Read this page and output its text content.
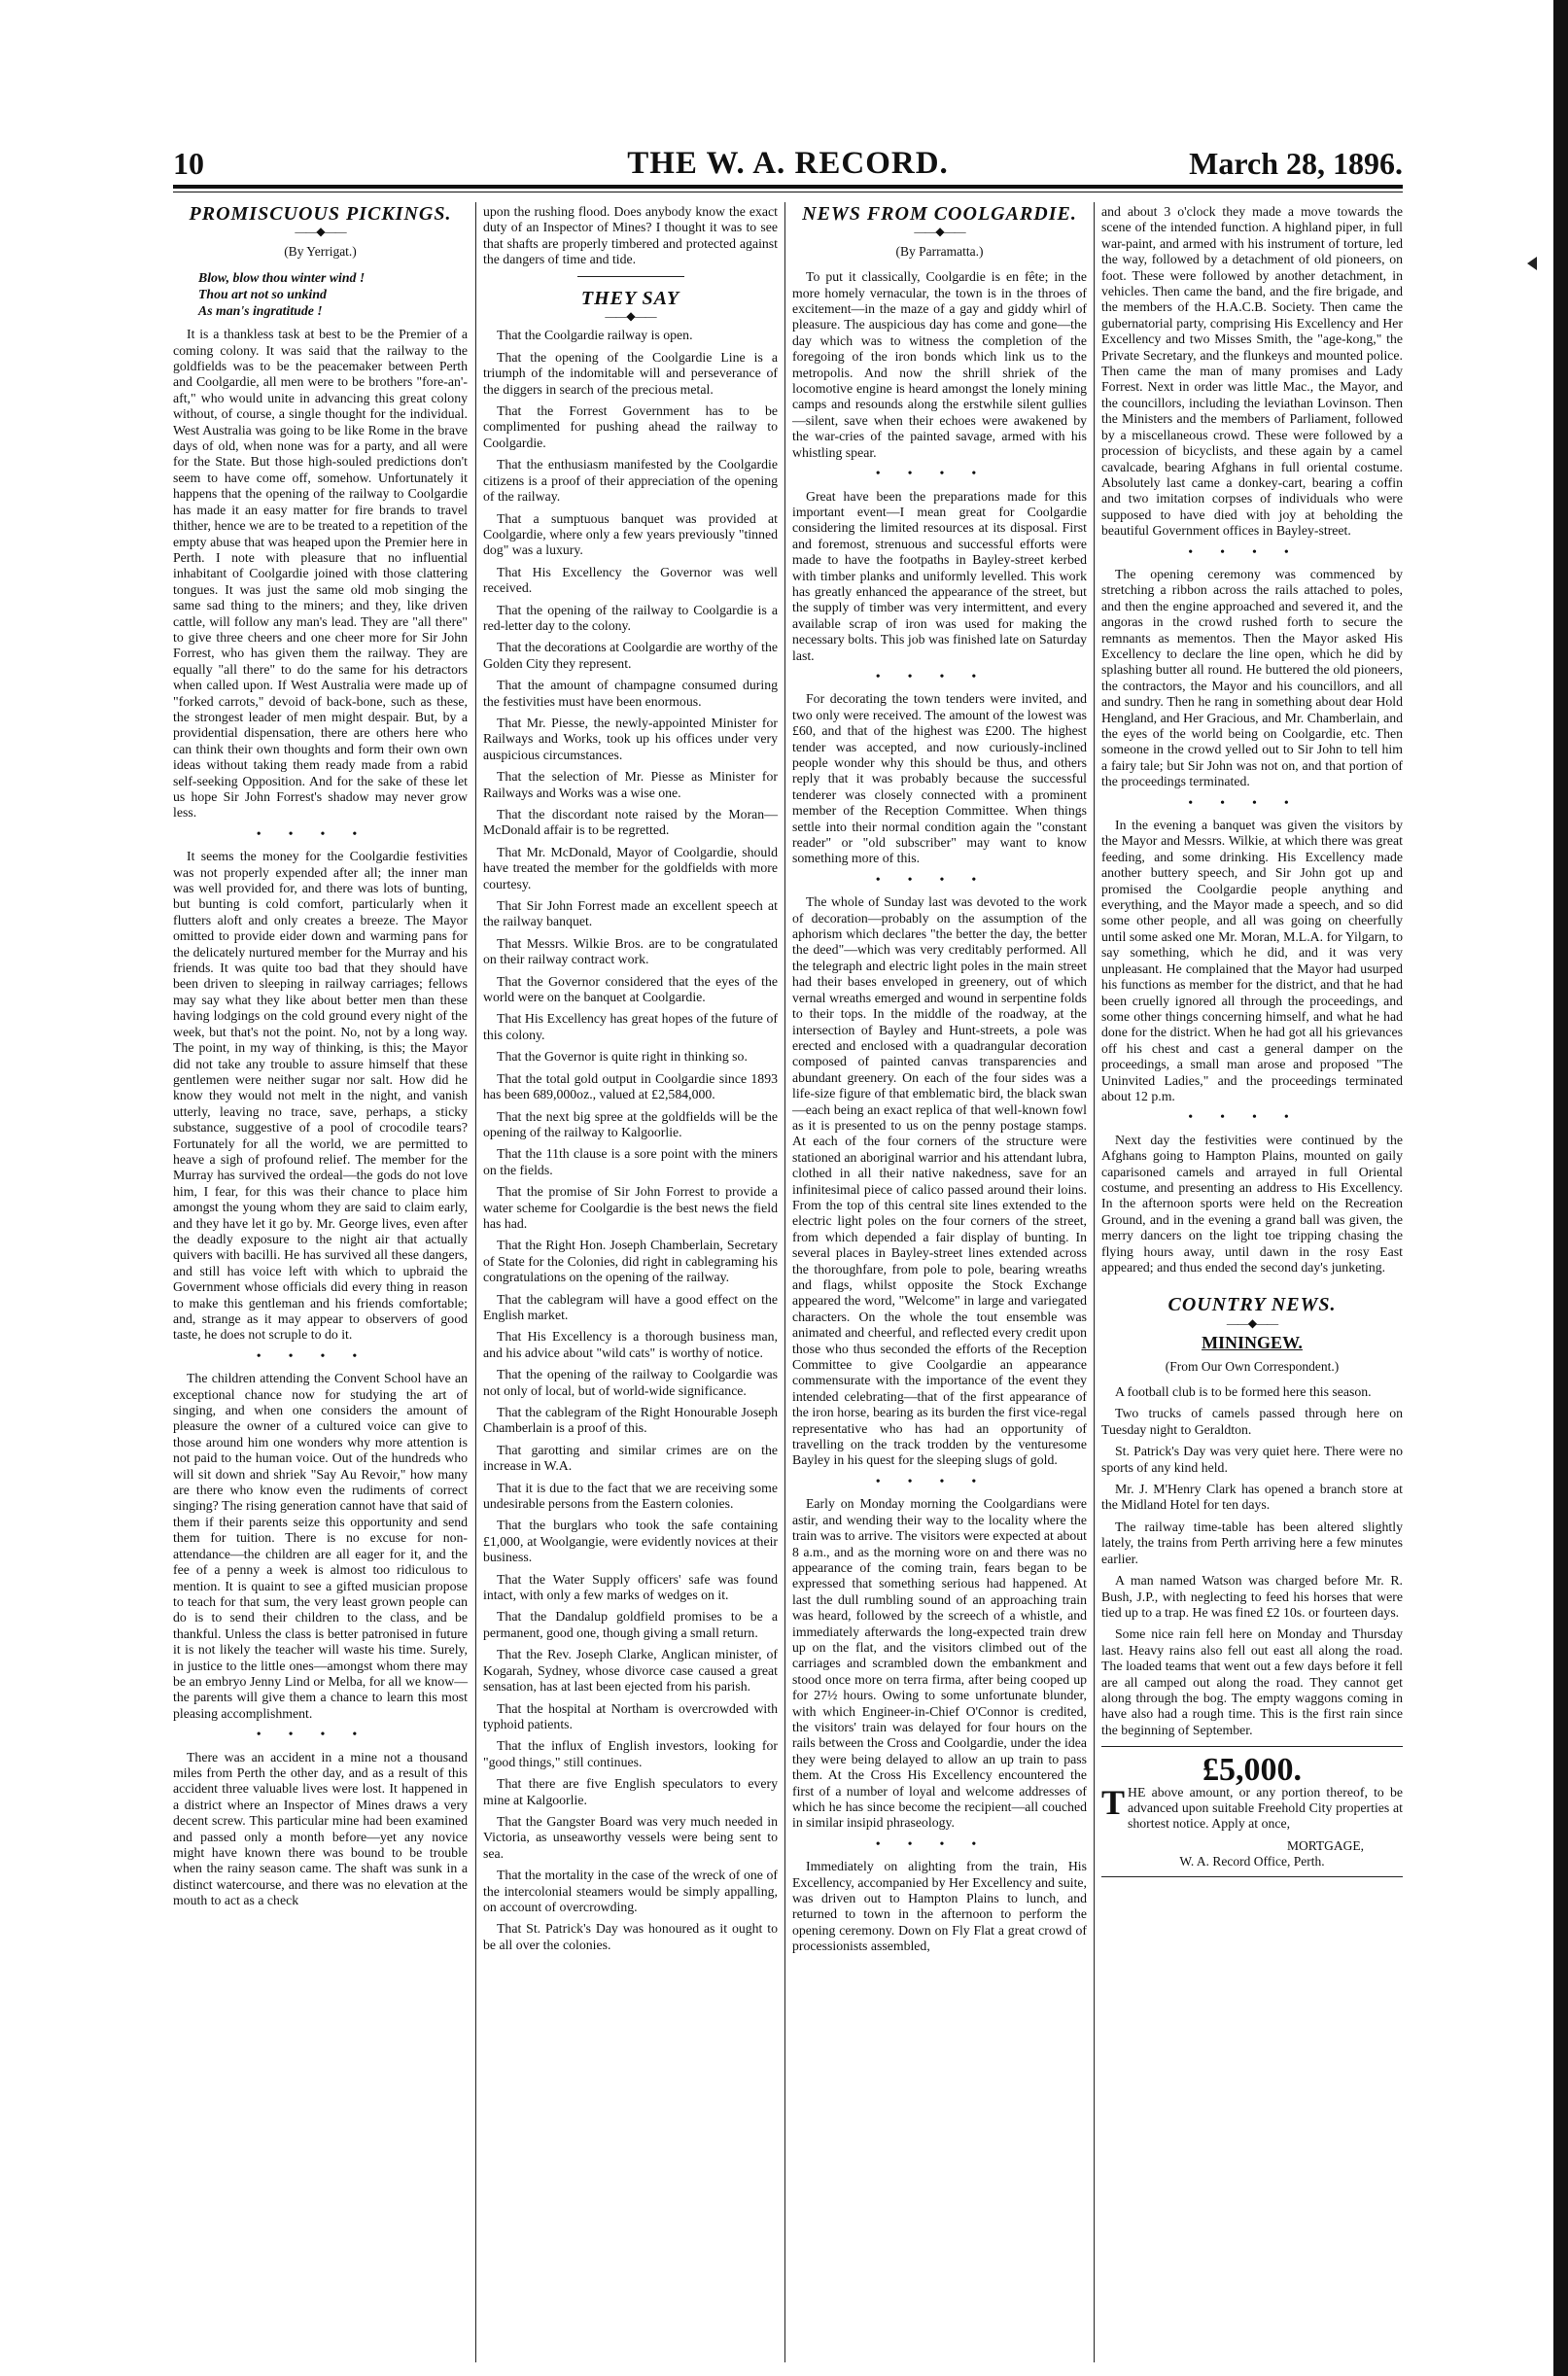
10	THE W. A. RECORD.	March 28, 1896.
PROMISCUOUS PICKINGS.
——◆——
(By Yerrigat.)
Blow, blow thou winter wind !
Thou art not so unkind
As man's ingratitude !

It is a thankless task at best to be the Premier of a coming colony. It was said that the railway to the goldfields was to be the peacemaker between Perth and Coolgardie, all men were to be brothers "fore-an'-aft," who would unite in advancing this great colony without, of course, a single thought for the individual. West Australia was going to be like Rome in the brave days of old, when none was for a party, and all were for the State. But those high-souled predictions don't seem to have come off, somehow. Unfortunately it happens that the opening of the railway to Coolgardie has made it an easy matter for fire brands to travel thither, hence we are to be treated to a repetition of the empty abuse that was heaped upon the Premier here in Perth. I note with pleasure that no influential inhabitant of Coolgardie joined with those clattering tongues. It was just the same old mob singing the same sad thing to the miners; and they, like driven cattle, will follow any man's lead. They are "all there" to give three cheers and one cheer more for Sir John Forrest, who has given them the railway. They are equally "all there" to do the same for his detractors when called upon. If West Australia were made up of "forked carrots," devoid of back-bone, such as these, the strongest leader of men might despair. But, by a providential dispensation, there are others here who can think their own thoughts and form their own own ideas without taking them ready made from a rabid self-seeking Opposition. And for the sake of these let us hope Sir John Forrest's shadow may never grow less.

••••

It seems the money for the Coolgardie festivities was not properly expended after all; the inner man was well provided for, and there was lots of bunting, but bunting is cold comfort, particularly when it flutters aloft and only creates a breeze. The Mayor omitted to provide eider down and warming pans for the delicately nurtured member for the Murray and his friends. It was quite too bad that they should have been driven to sleeping in railway carriages; fellows may say what they like about better men than these having lodgings on the cold ground every night of the week, but that's not the point. No, not by a long way. The point, in my way of thinking, is this; the Mayor did not take any trouble to assure himself that these gentlemen were neither sugar nor salt. How did he know they would not melt in the night, and vanish utterly, leaving no trace, save, perhaps, a sticky substance, suggestive of a pool of crocodile tears? Fortunately for all the world, we are permitted to heave a sigh of profound relief. The member for the Murray has survived the ordeal—the gods do not love him, I fear, for this was their chance to place him amongst the young whom they are said to claim early, and they have let it go by. Mr. George lives, even after the deadly exposure to the night air that actually quivers with bacilli. He has survived all these dangers, and still has voice left with which to upbraid the Government whose officials did every thing in reason to make this gentleman and his friends comfortable; and, strange as it may appear to observers of good taste, he does not scruple to do it.

••••

The children attending the Convent School have an exceptional chance now for studying the art of singing, and when one considers the amount of pleasure the owner of a cultured voice can give to those around him one wonders why more attention is not paid to the human voice. Out of the hundreds who will sit down and shriek "Say Au Revoir," how many are there who know even the rudiments of correct singing? The rising generation cannot have that said of them if their parents seize this opportunity and send them for tuition. There is no excuse for non-attendance—the children are all eager for it, and the fee of a penny a week is almost too ridiculous to mention. It is quaint to see a gifted musician propose to teach for that sum, the very least grown people can do is to send their children to the class, and be thankful. Unless the class is better patronised in future it is not likely the teacher will waste his time. Surely, in justice to the little ones—amongst whom there may be an embryo Jenny Lind or Melba, for all we know—the parents will give them a chance to learn this most pleasing accomplishment.

••••

There was an accident in a mine not a thousand miles from Perth the other day, and as a result of this accident three valuable lives were lost. It happened in a district where an Inspector of Mines draws a very decent screw. This particular mine had been examined and passed only a month before—yet any novice might have known there was bound to be trouble when the rainy season came. The shaft was sunk in a distinct watercourse, and there was no elevation at the mouth to act as a check

upon the rushing flood. Does anybody know the exact duty of an Inspector of Mines? I thought it was to see that shafts are properly timbered and protected against the dangers of time and tide.

THEY SAY
——◆——

That the Coolgardie railway is open.

That the opening of the Coolgardie Line is a triumph of the indomitable will and perseverance of the diggers in search of the precious metal.

That the Forrest Government has to be complimented for pushing ahead the railway to Coolgardie.

That the enthusiasm manifested by the Coolgardie citizens is a proof of their appreciation of the opening of the railway.

That a sumptuous banquet was provided at Coolgardie, where only a few years previously "tinned dog" was a luxury.

That His Excellency the Governor was well received.

That the opening of the railway to Coolgardie is a red-letter day to the colony.

That the decorations at Coolgardie are worthy of the Golden City they represent.

That the amount of champagne consumed during the festivities must have been enormous.

That Mr. Piesse, the newly-appointed Minister for Railways and Works, took up his offices under very auspicious circumstances.

That the selection of Mr. Piesse as Minister for Railways and Works was a wise one.

That the discordant note raised by the Moran—McDonald affair is to be regretted.

That Mr. McDonald, Mayor of Coolgardie, should have treated the member for the goldfields with more courtesy.

That Sir John Forrest made an excellent speech at the railway banquet.

That Messrs. Wilkie Bros. are to be congratulated on their railway contract work.

That the Governor considered that the eyes of the world were on the banquet at Coolgardie.

That His Excellency has great hopes of the future of this colony.

That the Governor is quite right in thinking so.

That the total gold output in Coolgardie since 1893 has been 689,000oz., valued at £2,584,000.

That the next big spree at the goldfields will be the opening of the railway to Kalgoorlie.

That the 11th clause is a sore point with the miners on the fields.

That the promise of Sir John Forrest to provide a water scheme for Coolgardie is the best news the field has had.

That the Right Hon. Joseph Chamberlain, Secretary of State for the Colonies, did right in cablegraming his congratulations on the opening of the railway.

That the cablegram will have a good effect on the English market.

That His Excellency is a thorough business man, and his advice about "wild cats" is worthy of notice.

That the opening of the railway to Coolgardie was not only of local, but of world-wide significance.

That the cablegram of the Right Honourable Joseph Chamberlain is a proof of this.

That garotting and similar crimes are on the increase in W.A.

That it is due to the fact that we are receiving some undesirable persons from the Eastern colonies.

That the burglars who took the safe containing £1,000, at Woolgangie, were evidently novices at their business.

That the Water Supply officers' safe was found intact, with only a few marks of wedges on it.

That the Dandalup goldfield promises to be a permanent, good one, though giving a small return.

That the Rev. Joseph Clarke, Anglican minister, of Kogarah, Sydney, whose divorce case caused a great sensation, has at last been ejected from his parish.

That the hospital at Northam is overcrowded with typhoid patients.

That the influx of English investors, looking for "good things," still continues.

That there are five English speculators to every mine at Kalgoorlie.

That the Gangster Board was very much needed in Victoria, as unseaworthy vessels were being sent to sea.

That the mortality in the case of the wreck of one of the intercolonial steamers would be simply appalling, on account of overcrowding.

That St. Patrick's Day was honoured as it ought to be all over the colonies.

NEWS FROM COOLGARDIE.
——◆——
(By Parramatta.)

To put it classically, Coolgardie is en fête; in the more homely vernacular, the town is in the throes of excitement—in the maze of a gay and giddy whirl of pleasure. The auspicious day has come and gone—the day which was to witness the completion of the foregoing of the iron bonds which link us to the metropolis. And now the shrill shriek of the locomotive engine is heard amongst the lonely mining camps and resounds along the erstwhile silent gullies—silent, save when their echoes were awakened by the war-cries of the painted savage, armed with his whistling spear.

••••

Great have been the preparations made for this important event—I mean great for Coolgardie considering the limited resources at its disposal. First and foremost, strenuous and successful efforts were made to have the footpaths in Bayley-street kerbed with timber planks and uniformly levelled. This work has greatly enhanced the appearance of the street, but the supply of timber was very intermittent, and every available scrap of iron was used for making the necessary bolts. This job was finished late on Saturday last.

••••

For decorating the town tenders were invited, and two only were received. The amount of the lowest was £60, and that of the highest was £200. The highest tender was accepted, and now curiously-inclined people wonder why this should be thus, and others reply that it was probably because the successful tenderer was closely connected with a prominent member of the Reception Committee. When things settle into their normal condition again the "constant reader" or "old subscriber" may want to know something more of this.

••••

The whole of Sunday last was devoted to the work of decoration—probably on the assumption of the aphorism which declares "the better the day, the better the deed"—which was very creditably performed. All the telegraph and electric light poles in the main street had their bases enveloped in greenery, out of which vernal wreaths emerged and wound in serpentine folds to their tops. In the middle of the roadway, at the intersection of Bayley and Hunt-streets, a pole was erected and enclosed with a quadrangular decoration composed of painted canvas transparencies and abundant greenery. On each of the four sides was a life-size figure of that emblematic bird, the black swan—each being an exact replica of that well-known fowl as it is presented to us on the penny postage stamps. At each of the four corners of the structure were stationed an aboriginal warrior and his attendant lubra, clothed in all their native nakedness, save for an infinitesimal piece of calico passed around their loins. From the top of this central site lines extended to the electric light poles on the four corners of the street, from which depended a fair display of bunting. In several places in Bayley-street lines extended across the thoroughfare, from pole to pole, bearing wreaths and flags, whilst opposite the Stock Exchange appeared the word, "Welcome" in large and variegated characters. On the whole the tout ensemble was animated and cheerful, and reflected every credit upon those who thus seconded the efforts of the Reception Committee to give Coolgardie an appearance commensurate with the importance of the event they intended celebrating—that of the first appearance of the iron horse, bearing as its burden the first vice-regal representative who has had an opportunity of travelling on the track trodden by the venturesome Bayley in his quest for the sleeping slugs of gold.

••••

Early on Monday morning the Coolgardians were astir, and wending their way to the locality where the train was to arrive. The visitors were expected at about 8 a.m., and as the morning wore on and there was no appearance of the coming train, fears began to be expressed that something serious had happened. At last the dull rumbling sound of an approaching train was heard, followed by the screech of a whistle, and immediately afterwards the long-expected train drew up on the flat, and the visitors climbed out of the carriages and scrambled down the embankment and stood once more on terra firma, after being cooped up for 27½ hours. Owing to some unfortunate blunder, with which Engineer-in-Chief O'Connor is credited, the visitors' train was delayed for four hours on the rails between the Cross and Coolgardie, under the idea they were being delayed to allow an up train to pass them. At the Cross His Excellency encountered the first of a number of loyal and welcome addresses of which he has since become the recipient—all couched in similar insipid phraseology.

••••

Immediately on alighting from the train, His Excellency, accompanied by Her Excellency and suite, was driven out to Hampton Plains to lunch, and returned to town in the afternoon to perform the opening ceremony. Down on Fly Flat a great crowd of processionists assembled,

and about 3 o'clock they made a move towards the scene of the intended function. A highland piper, in full war-paint, and armed with his instrument of torture, led the way, followed by a detachment of old pioneers, on foot. These were followed by another detachment, in vehicles. Then came the band, and the fire brigade, and the members of the H.A.C.B. Society. Then came the gubernatorial party, comprising His Excellency and Her Excellency and two Misses Smith, the "age-kong," the Private Secretary, and the flunkeys and mounted police. Then came the man of many promises and Lady Forrest. Next in order was little Mac., the Mayor, and the councillors, including the leviathan Lovinson. Then the Ministers and the members of Parliament, followed by a miscellaneous crowd. These were followed by a procession of bicyclists, and these again by a camel cavalcade, bearing Afghans in full oriental costume. Absolutely last came a donkey-cart, bearing a coffin and two imitation corpses of individuals who were supposed to have died with joy at beholding the beautiful Government offices in Bayley-street.

••••

The opening ceremony was commenced by stretching a ribbon across the rails attached to poles, and then the engine approached and severed it, and the angoras in the crowd rushed forth to secure the remnants as mementos. Then the Mayor asked His Excellency to declare the line open, which he did by splashing butter all round. He buttered the old pioneers, the contractors, the Mayor and his councillors, and all and sundry. Then he rang in something about dear Hold Hengland, and Her Gracious, and Mr. Chamberlain, and the eyes of the world being on Coolgardie, etc. Then someone in the crowd yelled out to Sir John to tell him a fairy tale; but Sir John was not on, and that portion of the proceedings terminated.

••••

In the evening a banquet was given the visitors by the Mayor and Messrs. Wilkie, at which there was great feeding, and some drinking. His Excellency made another buttery speech, and Sir John got up and promised the Coolgardie people anything and everything, and the Mayor made a speech, and so did some other people, and all was going on cheerfully until some asked one Mr. Moran, M.L.A. for Yilgarn, to say something, which he did, and it was very unpleasant. He complained that the Mayor had usurped his functions as member for the district, and that he had been cruelly ignored all through the proceedings, and some other things concerning himself, and what he had done for the district. When he had got all his grievances off his chest and cast a general damper on the proceedings, a small man arose and proposed "The Uninvited Ladies," and the proceedings terminated about 12 p.m.

••••

Next day the festivities were continued by the Afghans going to Hampton Plains, mounted on gaily caparisoned camels and arrayed in full Oriental costume, and presenting an address to His Excellency. In the afternoon sports were held on the Recreation Ground, and in the evening a grand ball was given, the merry dancers on the light toe tripping chasing the flying hours away, until dawn in the rosy East appeared; and thus ended the second day's junketing.

COUNTRY NEWS.
——◆——
MININGEW.
(From Our Own Correspondent.)

A football club is to be formed here this season.

Two trucks of camels passed through here on Tuesday night to Geraldton.

St. Patrick's Day was very quiet here. There were no sports of any kind held.

Mr. J. M'Henry Clark has opened a branch store at the Midland Hotel for ten days.

The railway time-table has been altered slightly lately, the trains from Perth arriving here a few minutes earlier.

A man named Watson was charged before Mr. R. Bush, J.P., with neglecting to feed his horses that were tied up to a trap. He was fined £2 10s. or fourteen days.

Some nice rain fell here on Monday and Thursday last. Heavy rains also fell out east all along the road. The loaded teams that went out a few days before it fell are all camped out along the road. They cannot get along through the bog. The empty waggons coming in have also had a rough time. This is the first rain since the beginning of September.

£5,000.

THE above amount, or any portion thereof, to be advanced upon suitable Freehold City properties at shortest notice. Apply at once,

MORTGAGE,
W. A. Record Office, Perth.
